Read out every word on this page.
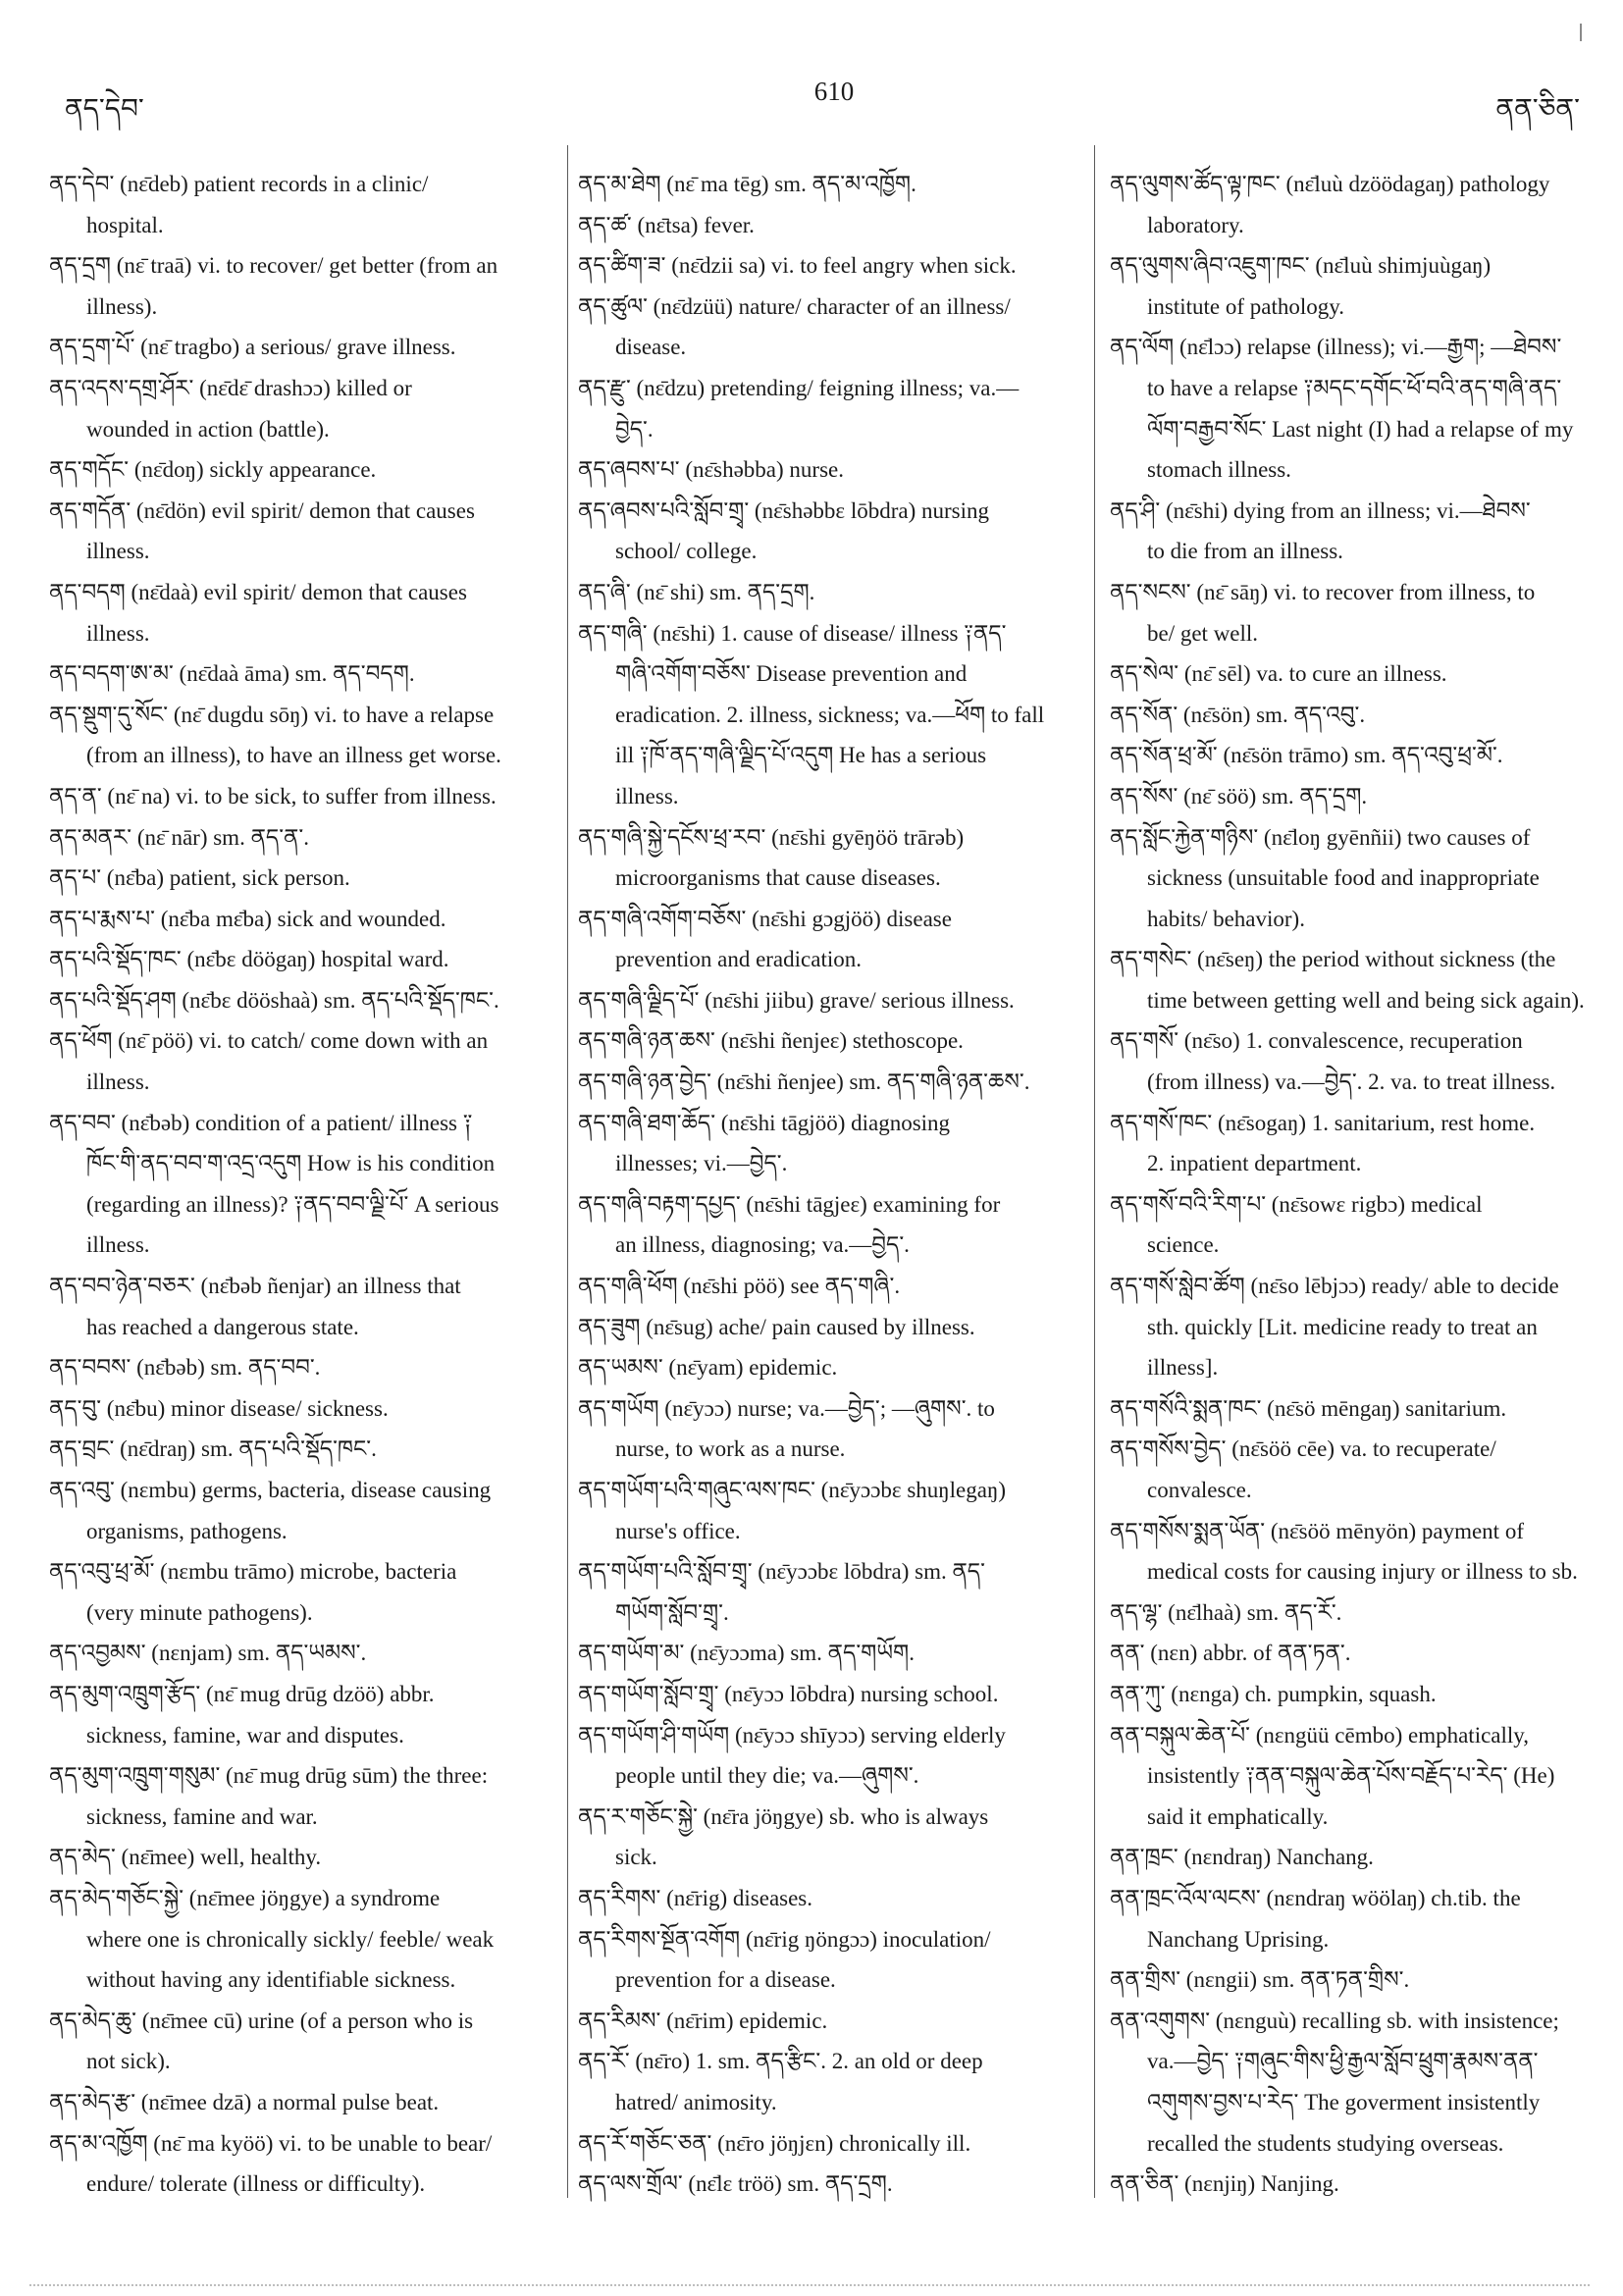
ནད་དེབ་
610
ནན་ཅིན་
ནད་དེབ་ (nɛ̄deb) patient records in a clinic/
hospital.
ནད་དྲག (nɛ̄ traā) vi. to recover/ get better (from an
illness).
ནད་དྲག་པོ་ (nɛ̄ tragbo) a serious/ grave illness.
ནད་འདས་དགྲ་ཤོར་ (nɛ̄dɛ̄ drashɔɔ) killed or
wounded in action (battle).
ནད་གདོང་ (nɛ̄doŋ) sickly appearance.
ནད་གདོན་ (nɛ̄dön) evil spirit/ demon that causes
illness.
ནད་བདག (nɛ̄daà) evil spirit/ demon that causes
illness.
ནད་བདག་ཨ་མ་ (nɛ̄daà āma) sm. ནད་བདག.
ནད་སྡུག་དུ་སོང་ (nɛ̄ dugdu sōŋ) vi. to have a relapse
(from an illness), to have an illness get worse.
ནད་ན་ (nɛ̄ na) vi. to be sick, to suffer from illness.
ནད་མནར་ (nɛ̄ nār) sm. ནད་ན་.
ནད་པ་ (nɛ̄ba) patient, sick person.
ནད་པ་རྨས་པ་ (nɛ̄ba mɛ̄ba) sick and wounded.
ནད་པའི་སྡོད་ཁང་ (nɛ̄bɛ döögaŋ) hospital ward.
ནད་པའི་སྡོད་ཤག (nɛ̄bɛ dööshaà) sm. ནད་པའི་སྡོད་ཁང་.
ནད་ཕོག (nɛ̄ pöö) vi. to catch/ come down with an
illness.
ནད་བབ་ (nɛ̄bəb) condition of a patient/ illness ༑
ཁོང་གི་ནད་བབ་ག་འདྲ་འདུག How is his condition
(regarding an illness)? ༑ནད་བབ་ལྗི་པོ་ A serious
illness.
ནད་བབ་ཉེན་བཅར་ (nɛ̄bəb ñenjar) an illness that
has reached a dangerous state.
ནད་བབས་ (nɛ̄bəb) sm. ནད་བབ་.
ནད་བུ་ (nɛ̄bu) minor disease/ sickness.
ནད་བྲང་ (nɛ̄draŋ) sm. ནད་པའི་སྡོད་ཁང་.
ནད་འབུ་ (nɛmbu) germs, bacteria, disease causing
organisms, pathogens.
ནད་འབུ་ཕྲ་མོ་ (nɛmbu trāmo) microbe, bacteria
(very minute pathogens).
ནད་འབྱམས་ (nɛnjam) sm. ནད་ཡམས་.
ནད་མུག་འཁྲུག་རྩོད་ (nɛ̄ mug drūg dzöö) abbr.
sickness, famine, war and disputes.
ནད་མུག་འཁྲུག་གསུམ་ (nɛ̄ mug drūg sūm) the three:
sickness, famine and war.
ནད་མེད་ (nɛ̄mee) well, healthy.
ནད་མེད་གཅོང་སྐྱེ་ (nɛ̄mee jöŋgye) a syndrome
where one is chronically sickly/ feeble/ weak
without having any identifiable sickness.
ནད་མེད་ཆུ་ (nɛ̄mee cū) urine (of a person who is
not sick).
ནད་མེད་རྩ་ (nɛ̄mee dzā) a normal pulse beat.
ནད་མ་འཁྱོག (nɛ̄ ma kyöö) vi. to be unable to bear/
endure/ tolerate (illness or difficulty).
ནད་མ་ཐེག (nɛ̄ ma tēg) sm. ནད་མ་འཁྱོག.
ནད་ཚ་ (nɛ̄tsa) fever.
ནད་ཚིག་ཟ་ (nɛ̄dzii sa) vi. to feel angry when sick.
ནད་ཚུལ་ (nɛ̄dzüü) nature/ character of an illness/
disease.
ནད་རྫུ་ (nɛ̄dzu) pretending/ feigning illness; va.—
བྱེད་.
ནད་ཞབས་པ་ (nɛ̄shəbba) nurse.
ནད་ཞབས་པའི་སློབ་གྲྭ་ (nɛ̄shəbbɛ lōbdra) nursing
school/ college.
ནད་ཞི་ (nɛ̄ shi) sm. ནད་དྲག.
ནད་གཞི་ (nɛ̄shi) 1. cause of disease/ illness ༑ནད་
གཞི་འགོག་བཅོས་ Disease prevention and
eradication. 2. illness, sickness; va.—ཕོག to fall
ill ༑ཁོ་ནད་གཞི་ལྗིད་པོ་འདུག He has a serious
illness.
ནད་གཞི་སྐྱེ་དངོས་ཕྲ་རབ་ (nɛ̄shi gyēŋöö trārəb)
microorganisms that cause diseases.
ནད་གཞི་འགོག་བཅོས་ (nɛ̄shi gɔgjöö) disease
prevention and eradication.
ནད་གཞི་ལྗིད་པོ་ (nɛ̄shi jiibu) grave/ serious illness.
ནད་གཞི་ཉན་ཆས་ (nɛ̄shi ñenjeɛ) stethoscope.
ནད་གཞི་ཉན་བྱེད་ (nɛ̄shi ñenjee) sm. ནད་གཞི་ཉན་ཆས་.
ནད་གཞི་ཐག་ཆོད་ (nɛ̄shi tāgjöö) diagnosing
illnesses; vi.—བྱེད་.
ནད་གཞི་བརྟག་དཔྱད་ (nɛ̄shi tāgjeɛ) examining for
an illness, diagnosing; va.—བྱེད་.
ནད་གཞི་ཕོག (nɛ̄shi pöö) see ནད་གཞི་.
ནད་ཟུག (nɛ̄sug) ache/ pain caused by illness.
ནད་ཡམས་ (nɛ̄yam) epidemic.
ནད་གཡོག (nɛ̄yɔɔ) nurse; va.—བྱེད་; —ཞུགས་. to
nurse, to work as a nurse.
ནད་གཡོག་པའི་གཞུང་ལས་ཁང་ (nɛ̄yɔɔbɛ shuŋlegaŋ)
nurse's office.
ནད་གཡོག་པའི་སློབ་གྲྭ་ (nɛ̄yɔɔbɛ lōbdra) sm. ནད་
གཡོག་སློབ་གྲྭ་.
ནད་གཡོག་མ་ (nɛ̄yɔɔma) sm. ནད་གཡོག.
ནད་གཡོག་སློབ་གྲྭ་ (nɛ̄yɔɔ lōbdra) nursing school.
ནད་གཡོག་ཤི་གཡོག (nɛ̄yɔɔ shīyɔɔ) serving elderly
people until they die; va.—ཞུགས་.
ནད་ར་གཅོང་སྐྱེ་ (nɛ̄ra jöŋgye) sb. who is always
sick.
ནད་རིགས་ (nɛ̄rig) diseases.
ནད་རིགས་སྔོན་འགོག (nɛ̄rig ŋöngɔɔ) inoculation/
prevention for a disease.
ནད་རིམས་ (nɛ̄rim) epidemic.
ནད་རོ་ (nɛ̄ro) 1. sm. ནད་རྩིང་. 2. an old or deep
hatred/ animosity.
ནད་རོ་གཅོང་ཅན་ (nɛ̄ro jöŋjɛn) chronically ill.
ནད་ལས་གྲོལ་ (nɛ̄lɛ tröö) sm. ནད་དྲག.
ནད་ལུགས་ཚོད་ལྟ་ཁང་ (nɛ̄luù dzöödagaŋ) pathology
laboratory.
ནད་ལུགས་ཞིབ་འཇུག་ཁང་ (nɛ̄luù shimjuùgaŋ)
institute of pathology.
ནད་ལོག (nɛ̄lɔɔ) relapse (illness); vi.—རྒྱག; —ཐེབས་
to have a relapse ༑མདང་དགོང་ཕོ་བའི་ནད་གཞི་ནད་
ལོག་བརྒྱབ་སོང་ Last night (I) had a relapse of my
stomach illness.
ནད་ཤི་ (nɛ̄shi) dying from an illness; vi.—ཐེབས་
to die from an illness.
ནད་སངས་ (nɛ̄ sāŋ) vi. to recover from illness, to
be/ get well.
ནད་སེལ་ (nɛ̄ sēl) va. to cure an illness.
ནད་སོན་ (nɛ̄sön) sm. ནད་འབུ་.
ནད་སོན་ཕྲ་མོ་ (nɛ̄sön trāmo) sm. ནད་འབུ་ཕྲ་མོ་.
ནད་སོས་ (nɛ̄ söö) sm. ནད་དྲག.
ནད་སློང་རྐྱེན་གཉིས་ (nɛ̄loŋ gyēnñii) two causes of
sickness (unsuitable food and inappropriate
habits/ behavior).
ནད་གསེང་ (nɛ̄seŋ) the period without sickness (the
time between getting well and being sick again).
ནད་གསོ་ (nɛ̄so) 1. convalescence, recuperation
(from illness) va.—བྱེད་. 2. va. to treat illness.
ནད་གསོ་ཁང་ (nɛ̄sogaŋ) 1. sanitarium, rest home.
2. inpatient department.
ནད་གསོ་བའི་རིག་པ་ (nɛ̄sowɛ rigbɔ) medical
science.
ནད་གསོ་སླེབ་ཚོག (nɛ̄so lēbjɔɔ) ready/ able to decide
sth. quickly [Lit. medicine ready to treat an
illness].
ནད་གསོའི་སྨན་ཁང་ (nɛ̄sö mēngaŋ) sanitarium.
ནད་གསོས་བྱེད་ (nɛ̄söö cēe) va. to recuperate/
convalesce.
ནད་གསོས་སྨན་ཡོན་ (nɛ̄söö mēnyön) payment of
medical costs for causing injury or illness to sb.
ནད་ལྷ་ (nɛ̄lhaà) sm. ནད་རོ་.
ནན་ (nɛn) abbr. of ནན་ཏན་.
ནན་ཀུ་ (nɛnga) ch. pumpkin, squash.
ནན་བསྐུལ་ཆེན་པོ་ (nɛngüü cēmbo) emphatically,
insistently ༑ནན་བསྐུལ་ཆེན་པོས་བརྗོད་པ་རེད་ (He)
said it emphatically.
ནན་ཁྲང་ (nɛndraŋ) Nanchang.
ནན་ཁྲང་འོལ་ལངས་ (nɛndraŋ wöölaŋ) ch.tib. the
Nanchang Uprising.
ནན་གྲིས་ (nɛngii) sm. ནན་ཏན་གྲིས་.
ནན་འགུགས་ (nɛnguù) recalling sb. with insistence;
va.—བྱེད་ ༑གཞུང་གིས་ཕྱི་རྒྱལ་སློབ་ཕྲུག་རྣམས་ནན་
འགུགས་བྱས་པ་རེད་ The goverment insistently
recalled the students studying overseas.
ནན་ཅིན་ (nɛnjiŋ) Nanjing.
